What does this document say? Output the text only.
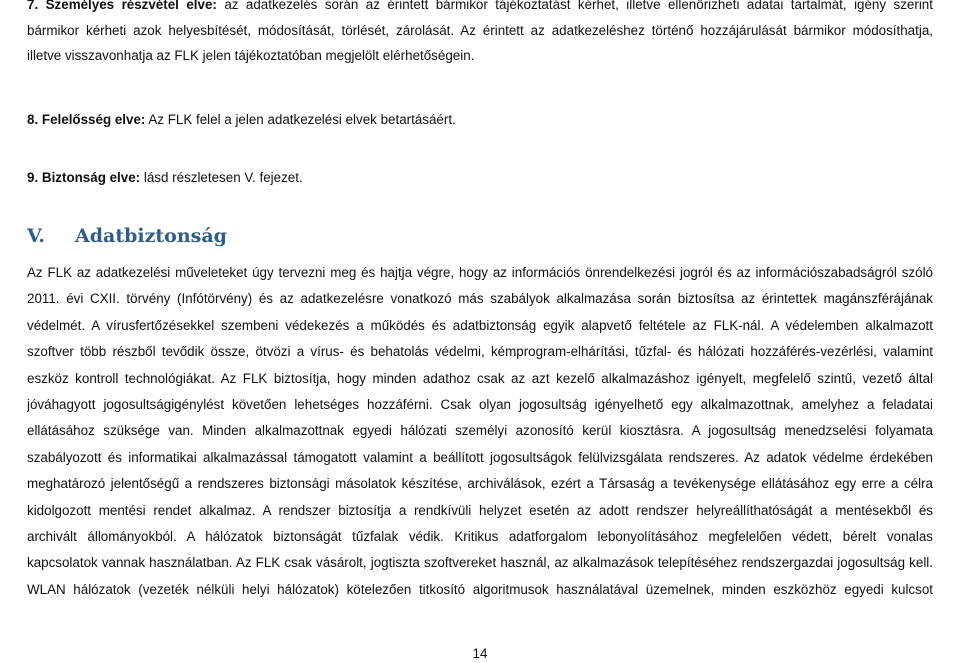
7. Személyes részvétel elve: az adatkezelés során az érintett bármikor tájékoztatást kérhet, illetve ellenőrizheti adatai tartalmát, igény szerint
bármikor kérheti azok helyesbítését, módosítását, törlését, zárolását. Az érintett az adatkezeléshez történő hozzájárulását bármikor módosíthatja,
illetve visszavonhatja az FLK jelen tájékoztatóban megjelölt elérhetőségein.

8. Felelősség elve: Az FLK felel a jelen adatkezelési elvek betartásáért.

9. Biztonság elve: lásd részletesen V. fejezet.

V. Adatbiztonság
Az FLK az adatkezelési műveleteket úgy tervezni meg és hajtja végre, hogy az információs önrendelkezési jogról és az információszabadságról szóló
2011. évi CXII. törvény (Infótörvény) és az adatkezelésre vonatkozó más szabályok alkalmazása során biztosítsa az érintettek magánszférájának
védelmét. A vírusfertőzésekkel szembeni védekezés a működés és adatbiztonság egyik alapvető feltétele az FLK-nál. A védelemben alkalmazott
szoftver több részből tevődik össze, ötvözi a vírus- és behatolás védelmi, kémprogram-elhárítási, tűzfal- és hálózati hozzáférés-vezérlési, valamint
eszköz kontroll technológiákat. Az FLK biztosítja, hogy minden adathoz csak az azt kezelő alkalmazáshoz igényelt, megfelelő szintű, vezető által
jóváhagyott jogosultságigénylést követően lehetséges hozzáférni. Csak olyan jogosultság igényelhető egy alkalmazottnak, amelyhez a feladatai
ellátásához szüksége van. Minden alkalmazottnak egyedi hálózati személyi azonosító kerül kiosztásra. A jogosultság menedzselési folyamata
szabályozott és informatikai alkalmazással támogatott valamint a beállított jogosultságok felülvizsgálata rendszeres. Az adatok védelme érdekében
meghatározó jelentőségű a rendszeres biztonsági másolatok készítése, archiválások, ezért a Társaság a tevékenysége ellátásához egy erre a célra
kidolgozott mentési rendet alkalmaz. A rendszer biztosítja a rendkívüli helyzet esetén az adott rendszer helyreállíthatóságát a mentésekből és
archivált állományokból. A hálózatok biztonságát tűzfalak védik. Kritikus adatforgalom lebonyolításához megfelelően védett, bérelt vonalas
kapcsolatok vannak használatban. Az FLK csak vásárolt, jogtiszta szoftvereket használ, az alkalmazások telepítéséhez rendszergazdai jogosultság kell.
WLAN hálózatok (vezeték nélküli helyi hálózatok) kötelezően titkosító algoritmusok használatával üzemelnek, minden eszközhöz egyedi kulcsot
14
